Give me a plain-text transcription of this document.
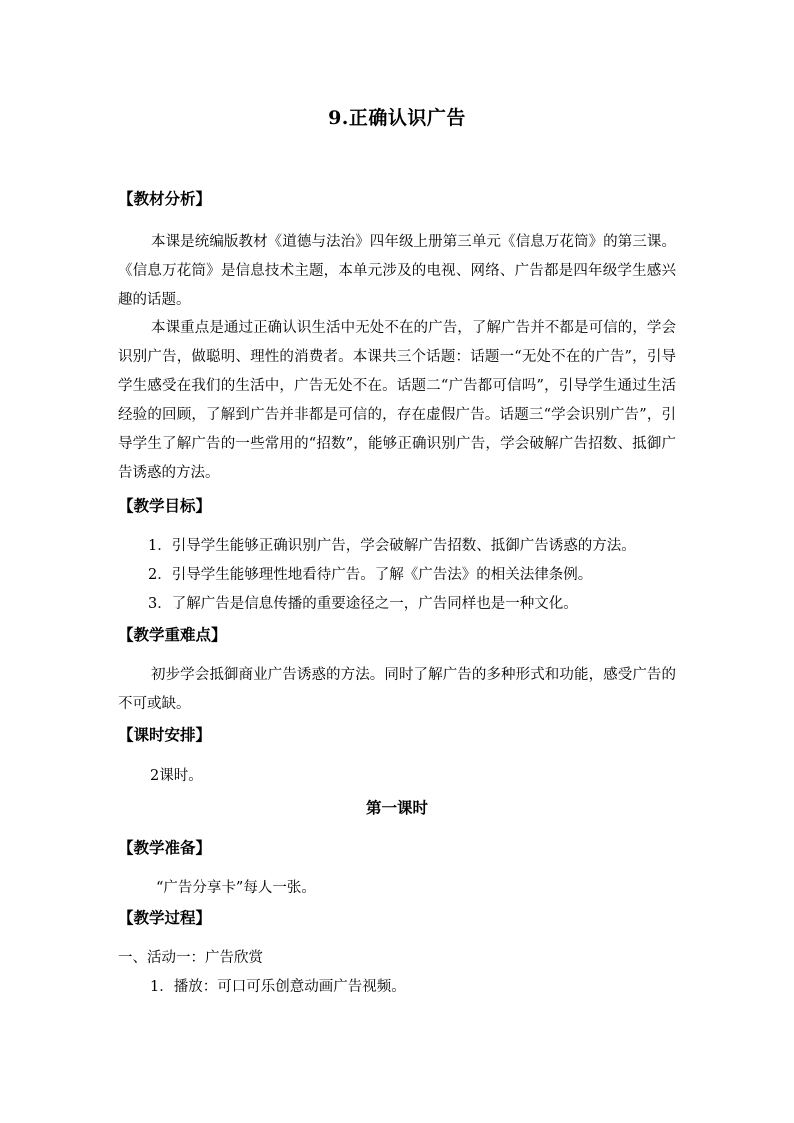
9.正确认识广告
【教材分析】
本课是统编版教材《道德与法治》四年级上册第三单元《信息万花筒》的第三课。《信息万花筒》是信息技术主题，本单元涉及的电视、网络、广告都是四年级学生感兴趣的话题。
本课重点是通过正确认识生活中无处不在的广告，了解广告并不都是可信的，学会识别广告，做聪明、理性的消费者。本课共三个话题：话题一“无处不在的广告”，引导学生感受在我们的生活中，广告无处不在。话题二“广告都可信吗”，引导学生通过生活经验的回顾，了解到广告并非都是可信的，存在虚假广告。话题三“学会识别广告”，引导学生了解广告的一些常用的“招数”，能够正确识别广告，学会破解广告招数、抵御广告诱惑的方法。
【教学目标】
1．引导学生能够正确识别广告，学会破解广告招数、抵御广告诱惑的方法。
2．引导学生能够理性地看待广告。了解《广告法》的相关法律条例。
3．了解广告是信息传播的重要途径之一，广告同样也是一种文化。
【教学重难点】
初步学会抵御商业广告诱惑的方法。同时了解广告的多种形式和功能，感受广告的不可或缺。
【课时安排】
2课时。
第一课时
【教学准备】
“广告分享卡”每人一张。
【教学过程】
一、活动一：广告欣赏
1．播放：可口可乐创意动画广告视频。
